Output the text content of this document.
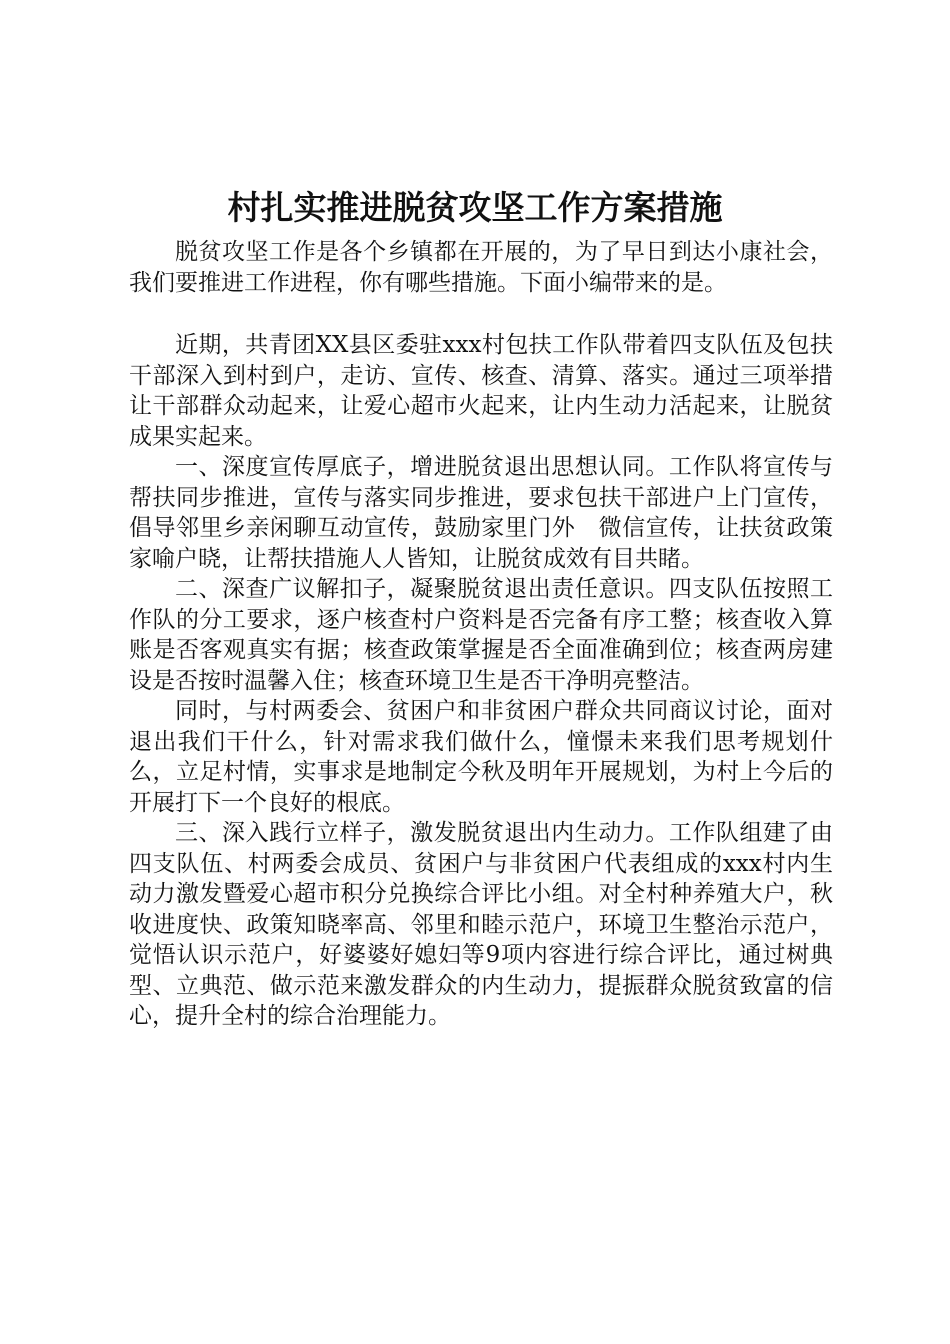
村扎实推进脱贫攻坚工作方案措施

脱贫攻坚工作是各个乡镇都在开展的，为了早日到达小康社会，我们要推进工作进程，你有哪些措施。下面小编带来的是。

近期，共青团XX县区委驻xxx村包扶工作队带着四支队伍及包扶干部深入到村到户，走访、宣传、核查、清算、落实。通过三项举措让干部群众动起来，让爱心超市火起来，让内生动力活起来，让脱贫成果实起来。

一、深度宣传厚底子，增进脱贫退出思想认同。工作队将宣传与帮扶同步推进，宣传与落实同步推进，要求包扶干部进户上门宣传，倡导邻里乡亲闲聊互动宣传，鼓励家里门外　微信宣传，让扶贫政策家喻户晓，让帮扶措施人人皆知，让脱贫成效有目共睹。

二、深查广议解扣子，凝聚脱贫退出责任意识。四支队伍按照工作队的分工要求，逐户核查村户资料是否完备有序工整；核查收入算账是否客观真实有据；核查政策掌握是否全面准确到位；核查两房建设是否按时温馨入住；核查环境卫生是否干净明亮整洁。

同时，与村两委会、贫困户和非贫困户群众共同商议讨论，面对退出我们干什么，针对需求我们做什么，憧憬未来我们思考规划什么，立足村情，实事求是地制定今秋及明年开展规划，为村上今后的开展打下一个良好的根底。

三、深入践行立样子，激发脱贫退出内生动力。工作队组建了由四支队伍、村两委会成员、贫困户与非贫困户代表组成的xxx村内生动力激发暨爱心超市积分兑换综合评比小组。对全村种养殖大户，秋收进度快、政策知晓率高、邻里和睦示范户，环境卫生整治示范户，觉悟认识示范户，好婆婆好媳妇等9项内容进行综合评比，通过树典型、立典范、做示范来激发群众的内生动力，提振群众脱贫致富的信心，提升全村的综合治理能力。
